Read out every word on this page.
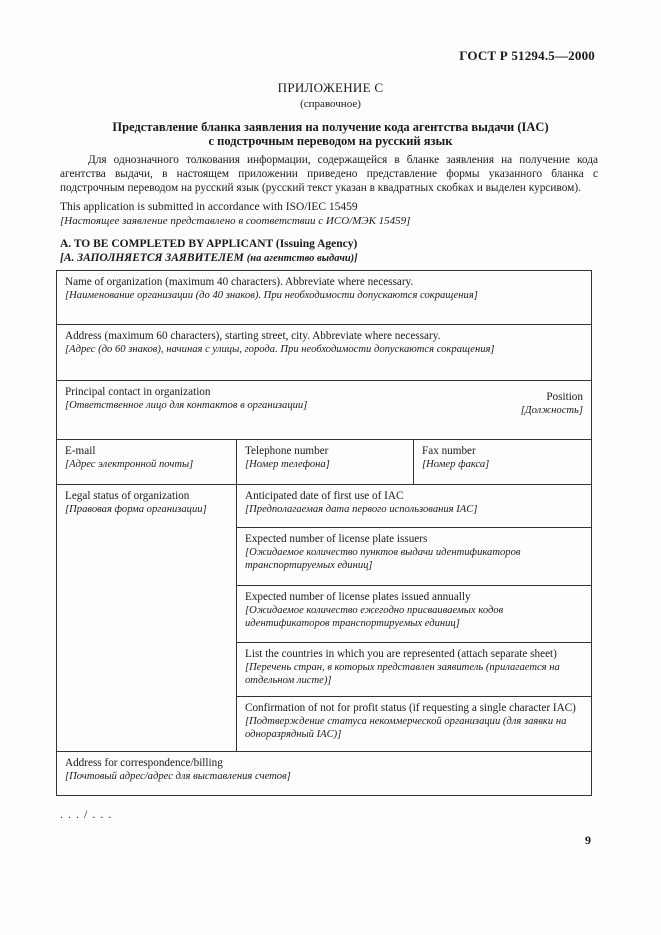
ГОСТ Р 51294.5—2000
ПРИЛОЖЕНИЕ С
(справочное)
Представление бланка заявления на получение кода агентства выдачи (IAC)
с подстрочным переводом на русский язык
Для однозначного толкования информации, содержащейся в бланке заявления на получение кода агентства выдачи, в настоящем приложении приведено представление формы указанного бланка с подстрочным переводом на русский язык (русский текст указан в квадратных скобках и выделен курсивом).
This application is submitted in accordance with ISO/IEC 15459
[Настоящее заявление представлено в соответствии с ИСО/МЭК 15459]
A. TO BE COMPLETED BY APPLICANT (Issuing Agency)
[А. ЗАПОЛНЯЕТСЯ ЗАЯВИТЕЛЕМ (на агентство выдачи)]
Name of organization (maximum 40 characters). Abbreviate where necessary.
[Наименование организации (до 40 знаков). При необходимости допускаются сокращения]
Address (maximum 60 characters), starting street, city. Abbreviate where necessary.
[Адрес (до 60 знаков), начиная с улицы, города. При необходимости допускаются сокращения]
Principal contact in organization
[Ответственное лицо для контактов в организации]
Position
[Должность]
E-mail
[Адрес электронной почты]
Telephone number
[Номер телефона]
Fax number
[Номер факса]
Legal status of organization
[Правовая форма организации]
Anticipated date of first use of IAC
[Предполагаемая дата первого использования IAC]
Expected number of license plate issuers
[Ожидаемое количество пунктов выдачи идентификаторов транспортируемых единиц]
Expected number of license plates issued annually
[Ожидаемое количество ежегодно присваиваемых кодов идентификаторов транспортируемых единиц]
List the countries in which you are represented (attach separate sheet)
[Перечень стран, в которых представлен заявитель (прилагается на отдельном листе)]
Confirmation of not for profit status (if requesting a single character IAC)
[Подтверждение статуса некоммерческой организации (для заявки на одноразрядный IAC)]
Address for correspondence/billing
[Почтовый адрес/адрес для выставления счетов]
. . . / . . .
9
